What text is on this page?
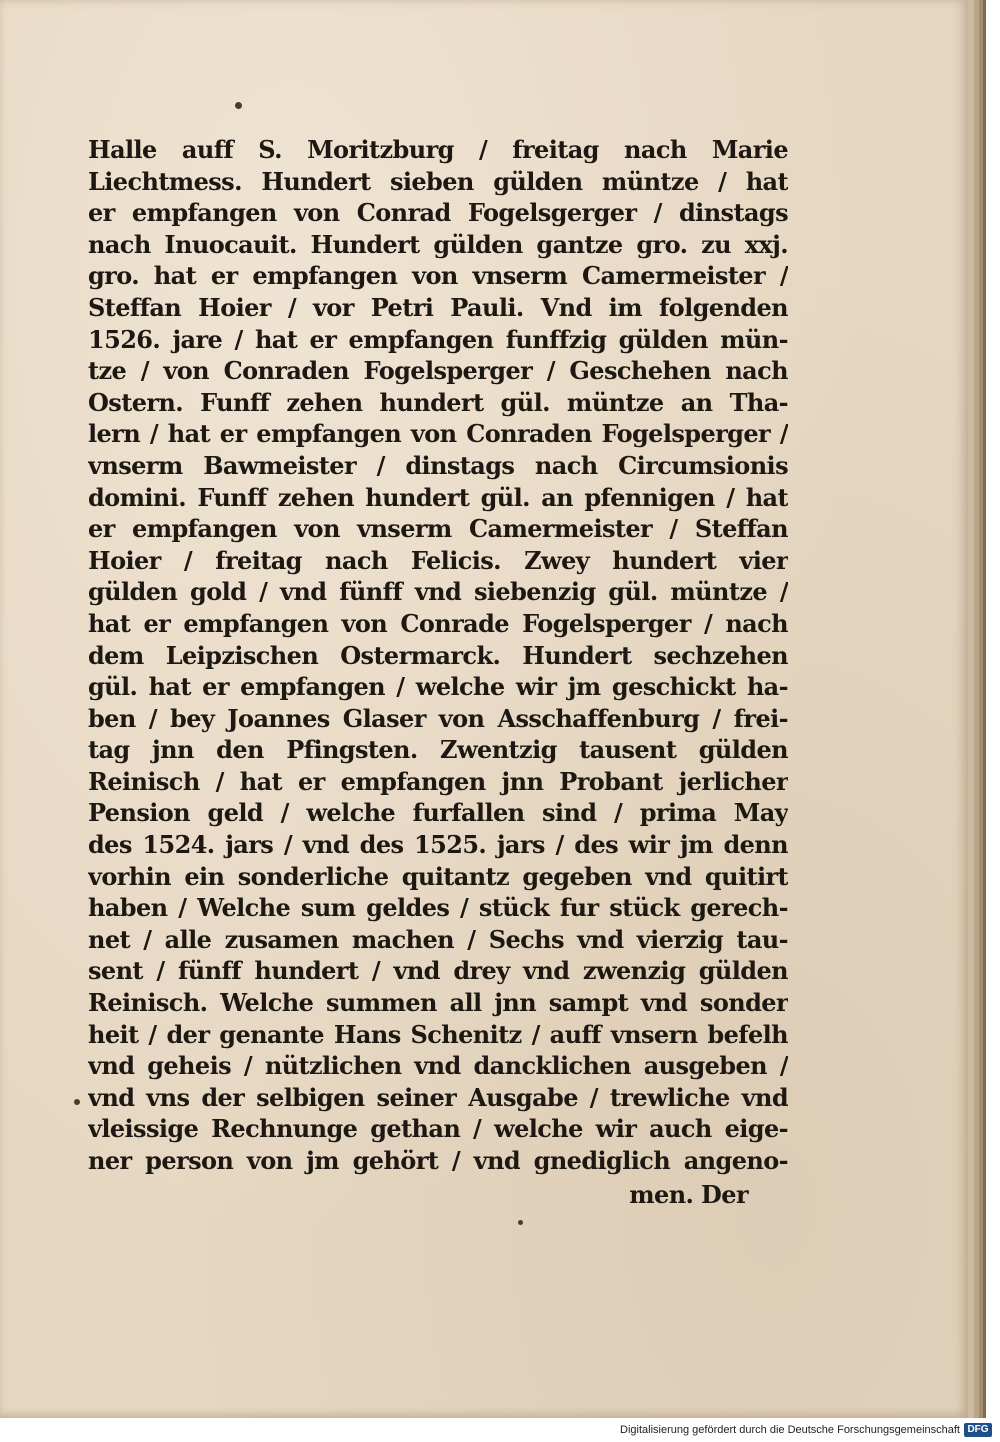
Halle auff S. Moritzburg / freitag nach Marie
Liechtmess. Hundert sieben gülden müntze / hat
er empfangen von Conrad Fogelsgerger / dinstags
nach Inuocauit. Hundert gülden gantze gro. zu xxj.
gro. hat er empfangen von vnserm Camermeister /
Steffan Hoier / vor Petri Pauli. Vnd im folgenden
1526. jare / hat er empfangen funffzig gülden mün-
tze / von Conraden Fogelsperger / Geschehen nach
Ostern. Funff zehen hundert gül. müntze an Tha-
lern / hat er empfangen von Conraden Fogelsperger /
vnserm Bawmeister / dinstags nach Circumsionis
domini. Funff zehen hundert gül. an pfennigen / hat
er empfangen von vnserm Camermeister / Steffan
Hoier / freitag nach Felicis. Zwey hundert vier
gülden gold / vnd fünff vnd siebenzig gül. müntze /
hat er empfangen von Conrade Fogelsperger / nach
dem Leipzischen Ostermarck. Hundert sechzehen
gül. hat er empfangen / welche wir jm geschickt ha-
ben / bey Joannes Glaser von Asschaffenburg / frei-
tag jnn den Pfingsten. Zwentzig tausent gülden
Reinisch / hat er empfangen jnn Probant jerlicher
Pension geld / welche furfallen sind / prima May
des 1524. jars / vnd des 1525. jars / des wir jm denn
vorhin ein sonderliche quitantz gegeben vnd quitirt
haben / Welche sum geldes / stück fur stück gerech-
net / alle zusamen machen / Sechs vnd vierzig tau-
sent / fünff hundert / vnd drey vnd zwenzig gülden
Reinisch. Welche summen all jnn sampt vnd sonder
heit / der genante Hans Schenitz / auff vnsern befelh
vnd geheis / nützlichen vnd dancklichen ausgeben /
vnd vns der selbigen seiner Ausgabe / trewliche vnd
vleissige Rechnunge gethan / welche wir auch eige-
ner person von jm gehört / vnd gnediglich angeno-
men. Der
Digitalisierung gefördert durch die Deutsche Forschungsgemeinschaft DFG
